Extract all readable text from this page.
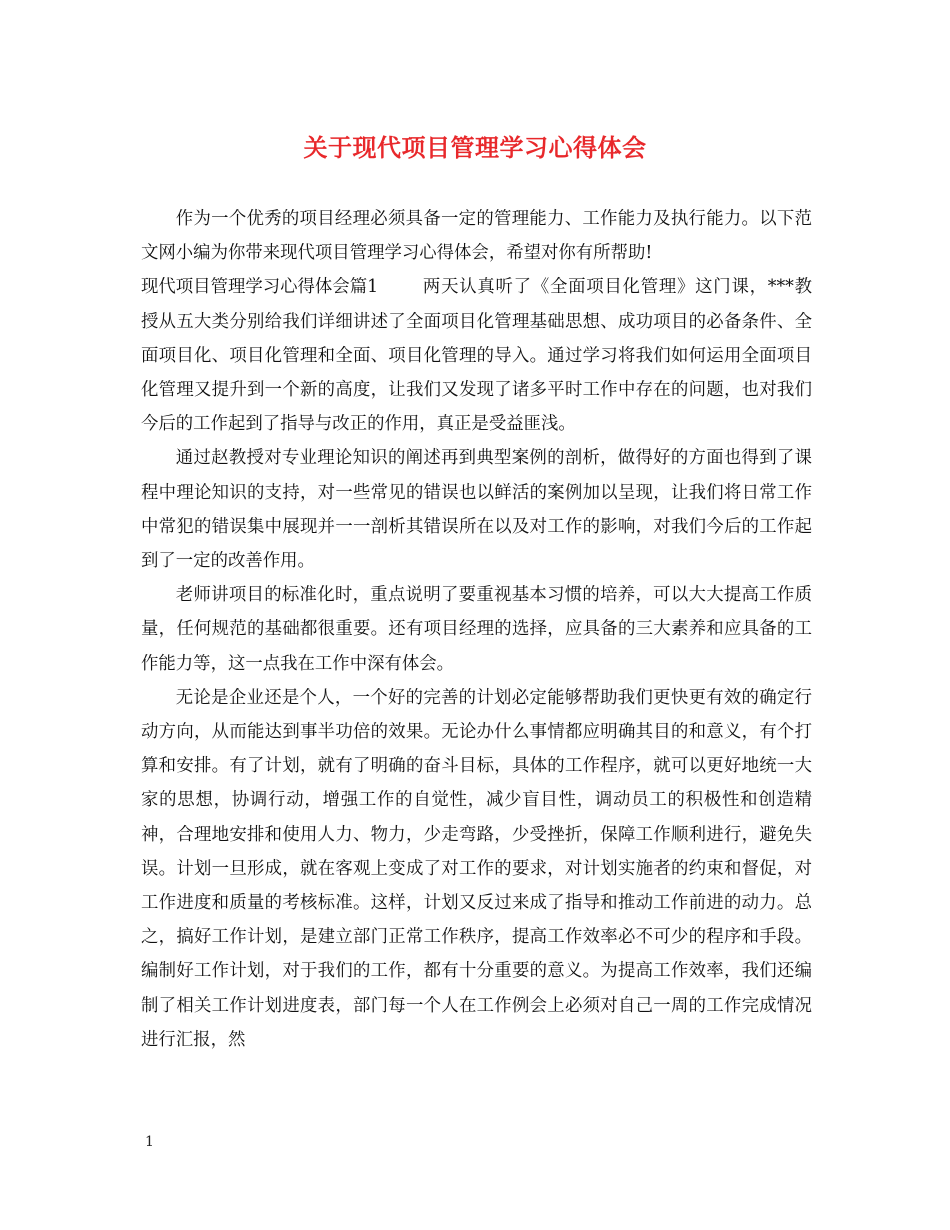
关于现代项目管理学习心得体会

作为一个优秀的项目经理必须具备一定的管理能力、工作能力及执行能力。以下范文网小编为你带来现代项目管理学习心得体会，希望对你有所帮助!

现代项目管理学习心得体会篇1	两天认真听了《全面项目化管理》这门课，***教授从五大类分别给我们详细讲述了全面项目化管理基础思想、成功项目的必备条件、全面项目化、项目化管理和全面、项目化管理的导入。通过学习将我们如何运用全面项目化管理又提升到一个新的高度，让我们又发现了诸多平时工作中存在的问题，也对我们今后的工作起到了指导与改正的作用，真正是受益匪浅。

通过赵教授对专业理论知识的阐述再到典型案例的剖析，做得好的方面也得到了课程中理论知识的支持，对一些常见的错误也以鲜活的案例加以呈现，让我们将日常工作中常犯的错误集中展现并一一剖析其错误所在以及对工作的影响，对我们今后的工作起到了一定的改善作用。

老师讲项目的标准化时，重点说明了要重视基本习惯的培养，可以大大提高工作质量，任何规范的基础都很重要。还有项目经理的选择，应具备的三大素养和应具备的工作能力等，这一点我在工作中深有体会。

无论是企业还是个人，一个好的完善的计划必定能够帮助我们更快更有效的确定行动方向，从而能达到事半功倍的效果。无论办什么事情都应明确其目的和意义，有个打算和安排。有了计划，就有了明确的奋斗目标，具体的工作程序，就可以更好地统一大家的思想，协调行动，增强工作的自觉性，减少盲目性，调动员工的积极性和创造精神，合理地安排和使用人力、物力，少走弯路，少受挫折，保障工作顺利进行，避免失误。计划一旦形成，就在客观上变成了对工作的要求，对计划实施者的约束和督促，对工作进度和质量的考核标准。这样，计划又反过来成了指导和推动工作前进的动力。总之，搞好工作计划，是建立部门正常工作秩序，提高工作效率必不可少的程序和手段。编制好工作计划，对于我们的工作，都有十分重要的意义。为提高工作效率，我们还编制了相关工作计划进度表，部门每一个人在工作例会上必须对自己一周的工作完成情况进行汇报，然

1
